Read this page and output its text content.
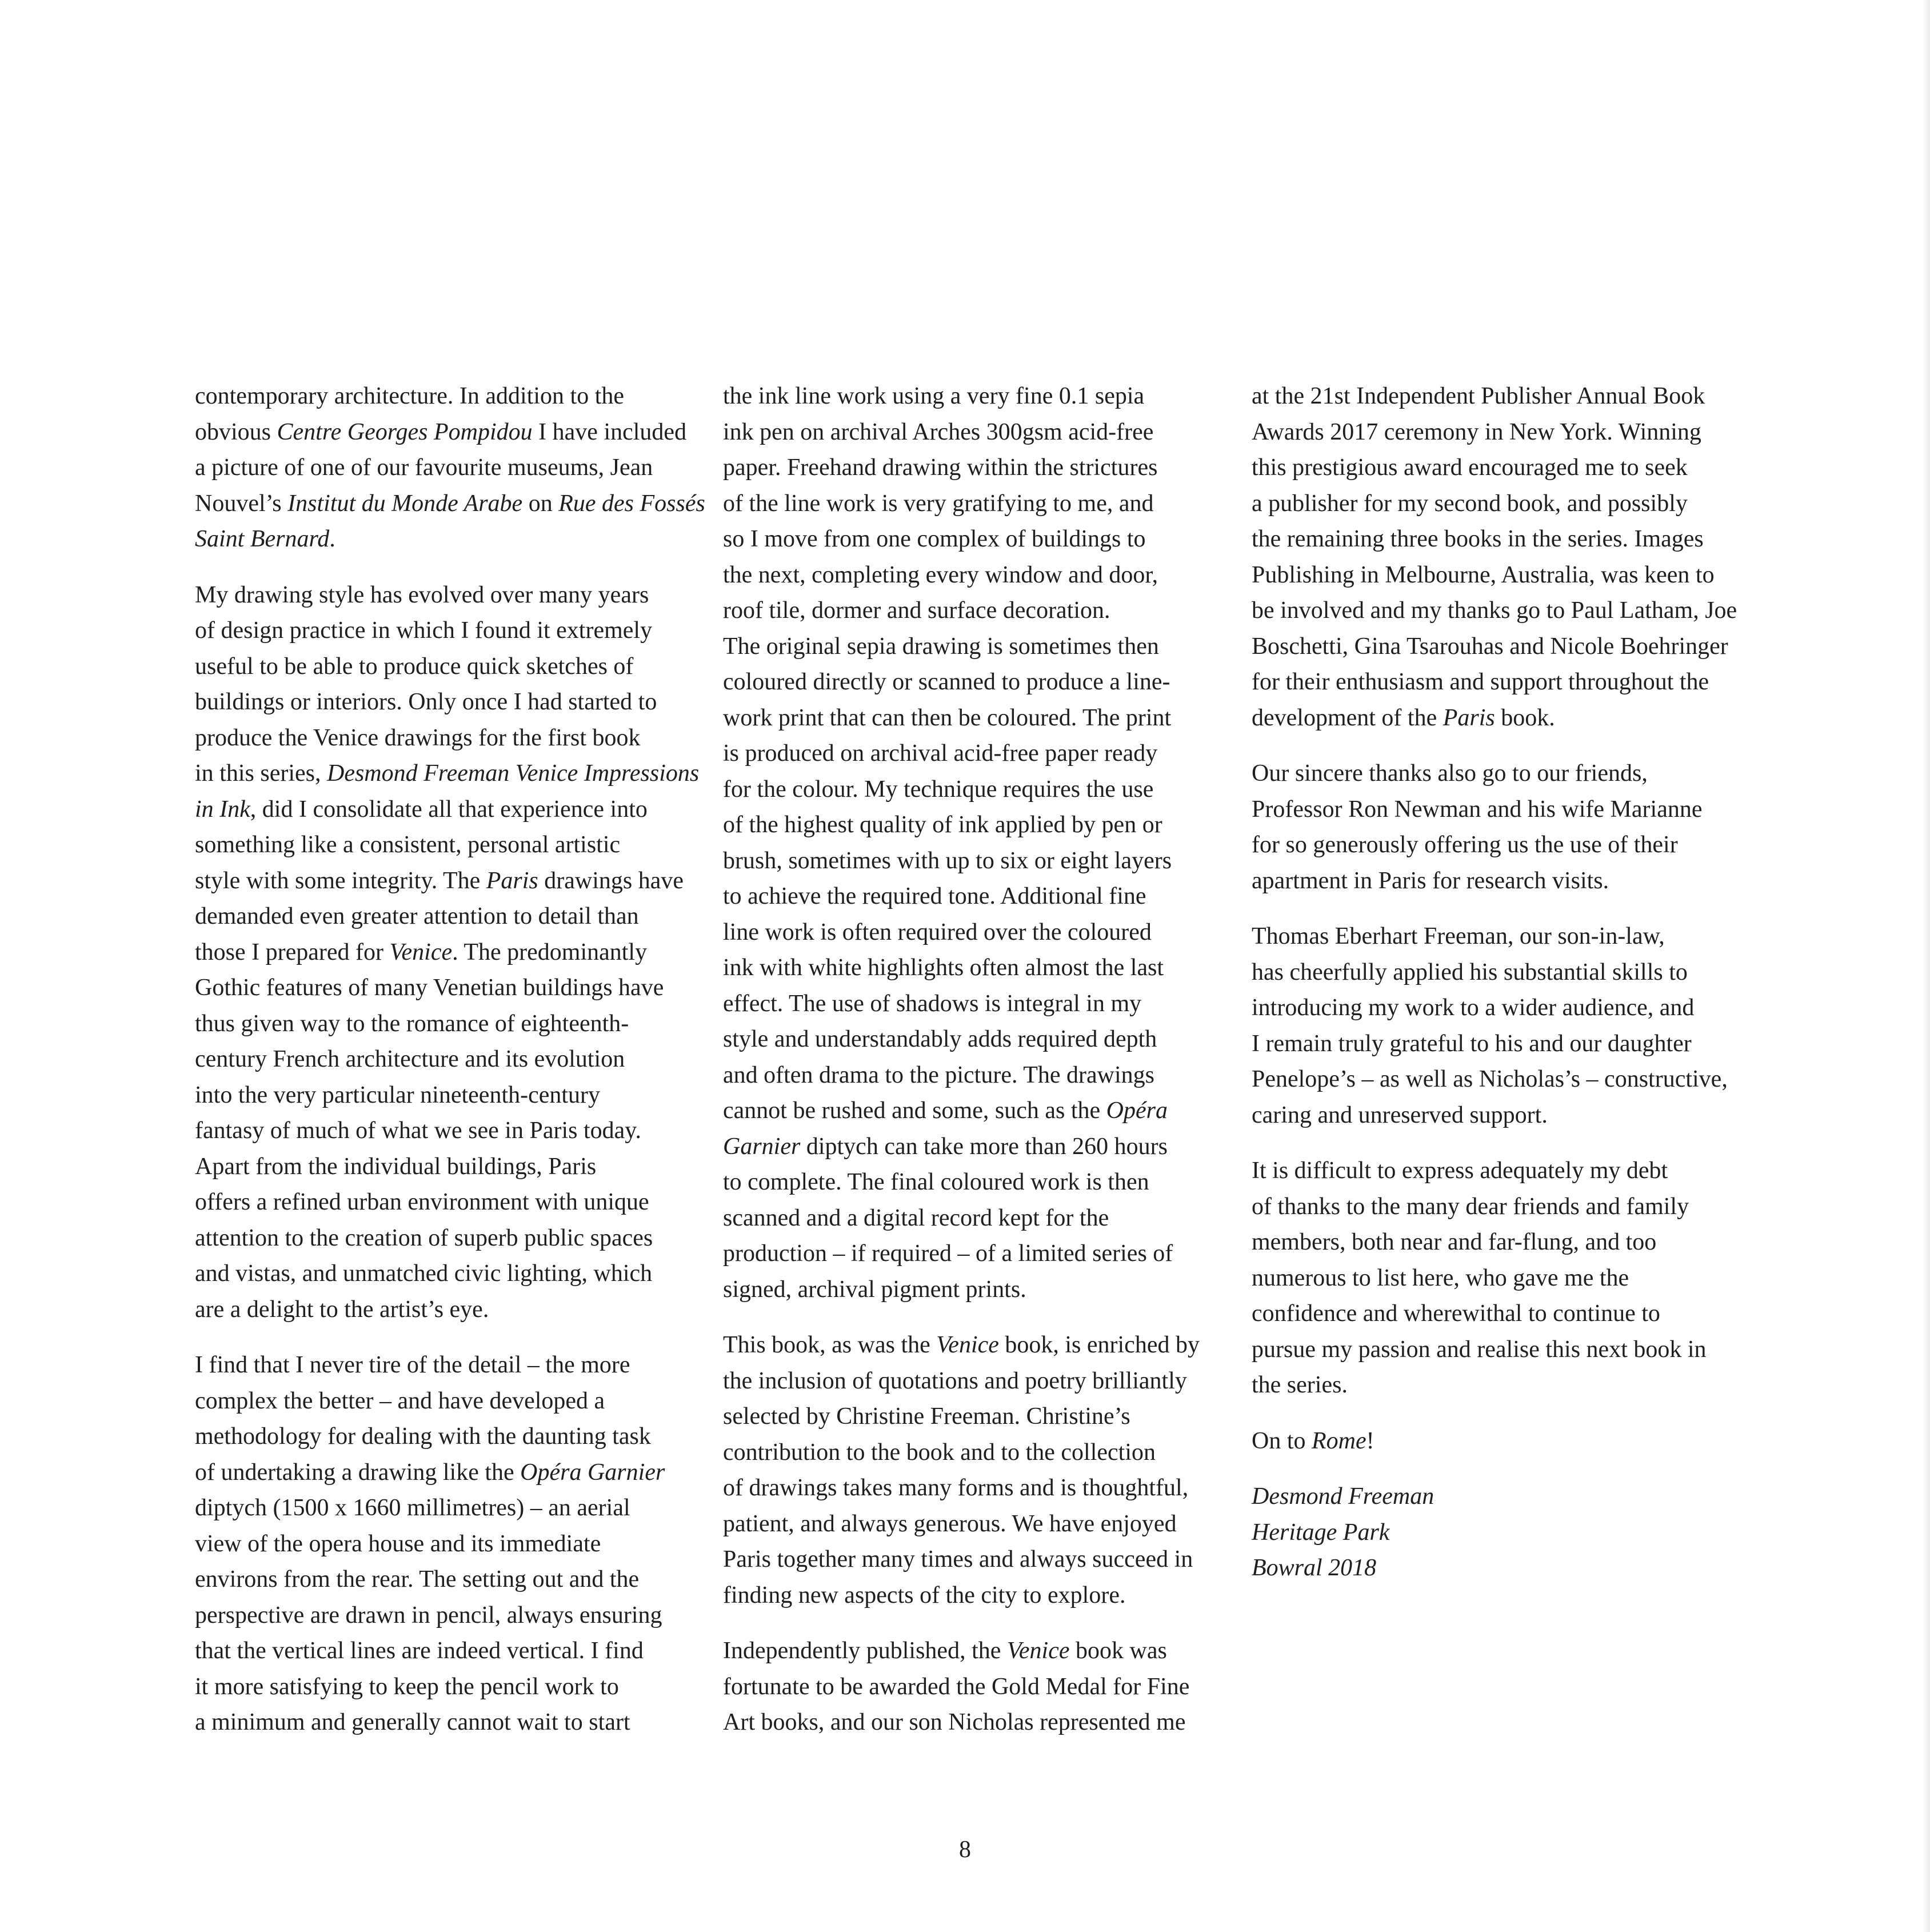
contemporary architecture. In addition to the
obvious Centre Georges Pompidou I have included
a picture of one of our favourite museums, Jean
Nouvel’s Institut du Monde Arabe on Rue des Fossés
Saint Bernard.

My drawing style has evolved over many years
of design practice in which I found it extremely
useful to be able to produce quick sketches of
buildings or interiors. Only once I had started to
produce the Venice drawings for the first book
in this series, Desmond Freeman Venice Impressions
in Ink, did I consolidate all that experience into
something like a consistent, personal artistic
style with some integrity. The Paris drawings have
demanded even greater attention to detail than
those I prepared for Venice. The predominantly
Gothic features of many Venetian buildings have
thus given way to the romance of eighteenth-
century French architecture and its evolution
into the very particular nineteenth-century
fantasy of much of what we see in Paris today.
Apart from the individual buildings, Paris
offers a refined urban environment with unique
attention to the creation of superb public spaces
and vistas, and unmatched civic lighting, which
are a delight to the artist’s eye.

I find that I never tire of the detail – the more
complex the better – and have developed a
methodology for dealing with the daunting task
of undertaking a drawing like the Opéra Garnier
diptych (1500 x 1660 millimetres) – an aerial
view of the opera house and its immediate
environs from the rear. The setting out and the
perspective are drawn in pencil, always ensuring
that the vertical lines are indeed vertical. I find
it more satisfying to keep the pencil work to
a minimum and generally cannot wait to start

the ink line work using a very fine 0.1 sepia
ink pen on archival Arches 300gsm acid-free
paper. Freehand drawing within the strictures
of the line work is very gratifying to me, and
so I move from one complex of buildings to
the next, completing every window and door,
roof tile, dormer and surface decoration.
The original sepia drawing is sometimes then
coloured directly or scanned to produce a line-
work print that can then be coloured. The print
is produced on archival acid-free paper ready
for the colour. My technique requires the use
of the highest quality of ink applied by pen or
brush, sometimes with up to six or eight layers
to achieve the required tone. Additional fine
line work is often required over the coloured
ink with white highlights often almost the last
effect. The use of shadows is integral in my
style and understandably adds required depth
and often drama to the picture. The drawings
cannot be rushed and some, such as the Opéra
Garnier diptych can take more than 260 hours
to complete. The final coloured work is then
scanned and a digital record kept for the
production – if required – of a limited series of
signed, archival pigment prints.

This book, as was the Venice book, is enriched by
the inclusion of quotations and poetry brilliantly
selected by Christine Freeman. Christine’s
contribution to the book and to the collection
of drawings takes many forms and is thoughtful,
patient, and always generous. We have enjoyed
Paris together many times and always succeed in
finding new aspects of the city to explore.

Independently published, the Venice book was
fortunate to be awarded the Gold Medal for Fine
Art books, and our son Nicholas represented me

at the 21st Independent Publisher Annual Book
Awards 2017 ceremony in New York. Winning
this prestigious award encouraged me to seek
a publisher for my second book, and possibly
the remaining three books in the series. Images
Publishing in Melbourne, Australia, was keen to
be involved and my thanks go to Paul Latham, Joe
Boschetti, Gina Tsarouhas and Nicole Boehringer
for their enthusiasm and support throughout the
development of the Paris book.

Our sincere thanks also go to our friends,
Professor Ron Newman and his wife Marianne
for so generously offering us the use of their
apartment in Paris for research visits.

Thomas Eberhart Freeman, our son-in-law,
has cheerfully applied his substantial skills to
introducing my work to a wider audience, and
I remain truly grateful to his and our daughter
Penelope’s – as well as Nicholas’s – constructive,
caring and unreserved support.

It is difficult to express adequately my debt
of thanks to the many dear friends and family
members, both near and far-flung, and too
numerous to list here, who gave me the
confidence and wherewithal to continue to
pursue my passion and realise this next book in
the series.

On to Rome!

Desmond Freeman
Heritage Park
Bowral 2018

8
